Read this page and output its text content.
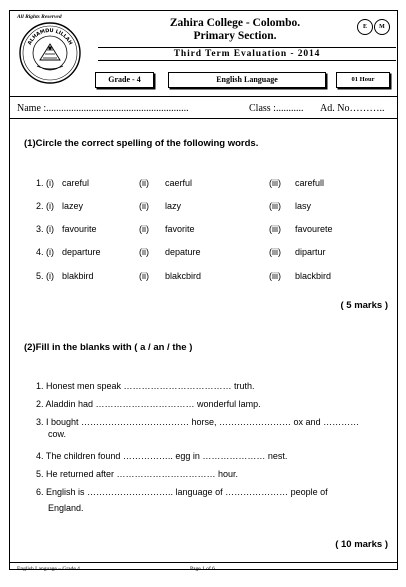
All Rights Reserved
ALHAMDU LILLAH
Zahira College - Colombo.
Primary Section.
E	M
Third Term Evaluation - 2014
Grade - 4	English Language	01 Hour
Name :.........................................................	Class :........... Ad. No………..
(1)Circle the correct spelling of the following words.
1. (i) careful	(ii) caerful	(iii) carefull
2. (i) lazey	(ii) lazy	(iii) lasy
3. (i) favourite	(ii) favorite	(iii) favourete
4. (i) departure	(ii) depature	(iii) dipartur
5. (i) blakbird	(ii) blakcbird	(iii) blackbird
( 5 marks )
(2)Fill in the blanks with ( a / an / the )
1. Honest men speak ……………………………… truth.
2. Aladdin had …………………………… wonderful lamp.
3. I bought ……………………………… horse, …………………… ox and …………
cow.
4. The children found …………….. egg in ………………… nest.
5. He returned after …………………………… hour.
6. English is ……………………….. language of ………………… people of
England.
( 10 marks )
English Language – Grade 4	Page 1 of 6
